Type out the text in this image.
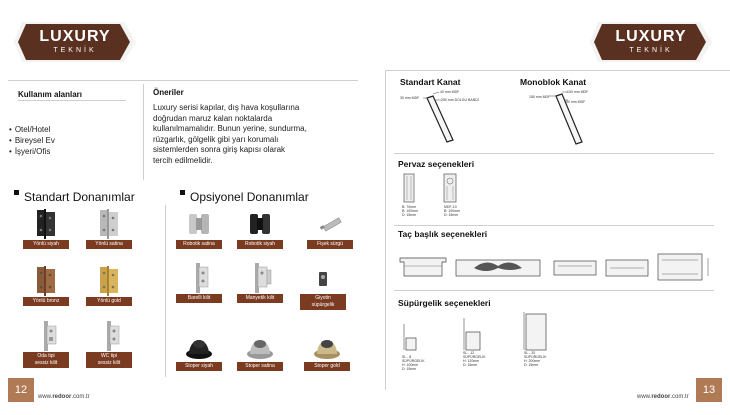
LUXURY
TEKNİK
LUXURY
TEKNİK
Kullanım alanları
• Otel/Hotel
• Bireysel Ev
• İşyeri/Ofis
Öneriler
Luxury serisi kapılar, dış hava koşullarına
doğrudan maruz kalan noktalarda
kullanılmamalıdır. Bunun yerine, sundurma,
rüzgarlık, gölgelik gibi yarı korumalı
sistemlerden sonra giriş kapısı olarak
tercih edilmelidir.
Standart Donanımlar	Opsiyonel Donanımlar
Yönlü siyah	Yönlü satina
Yönlü bronz	Yönlü gold
Oda tipi
sessiz kilit
WC tipi
sessiz kilit
Robotik satina	Robotik siyah	Fişek sürgü
Barelli kilit	Manyetik kilit	Giyotin
süpürgelik
Stoper siyah	Stoper satina	Stoper gold
12
www.redoor.com.tr
Standart Kanat	Monoblok Kanat
30 mm MDF
40 mm MDF
250 mm DOLGU BANDI
180 mm MDF
100 mm MDF
50 mm MDF
Pervaz seçenekleri
B: 70mm
B: 100mm
D: 15mm
MDF-10
B: 100mm
D: 15mm
Taç başlık seçenekleri
Süpürgelik seçenekleri
SL - 8
SÜPÜRGELİK
H: 100mm
D: 15mm
SL - 12
SÜPÜRGELİK
H: 120mm
D: 15mm
SL - 20
SÜPÜRGELİK
H: 200mm
D: 15mm
www.redoor.com.tr
13
